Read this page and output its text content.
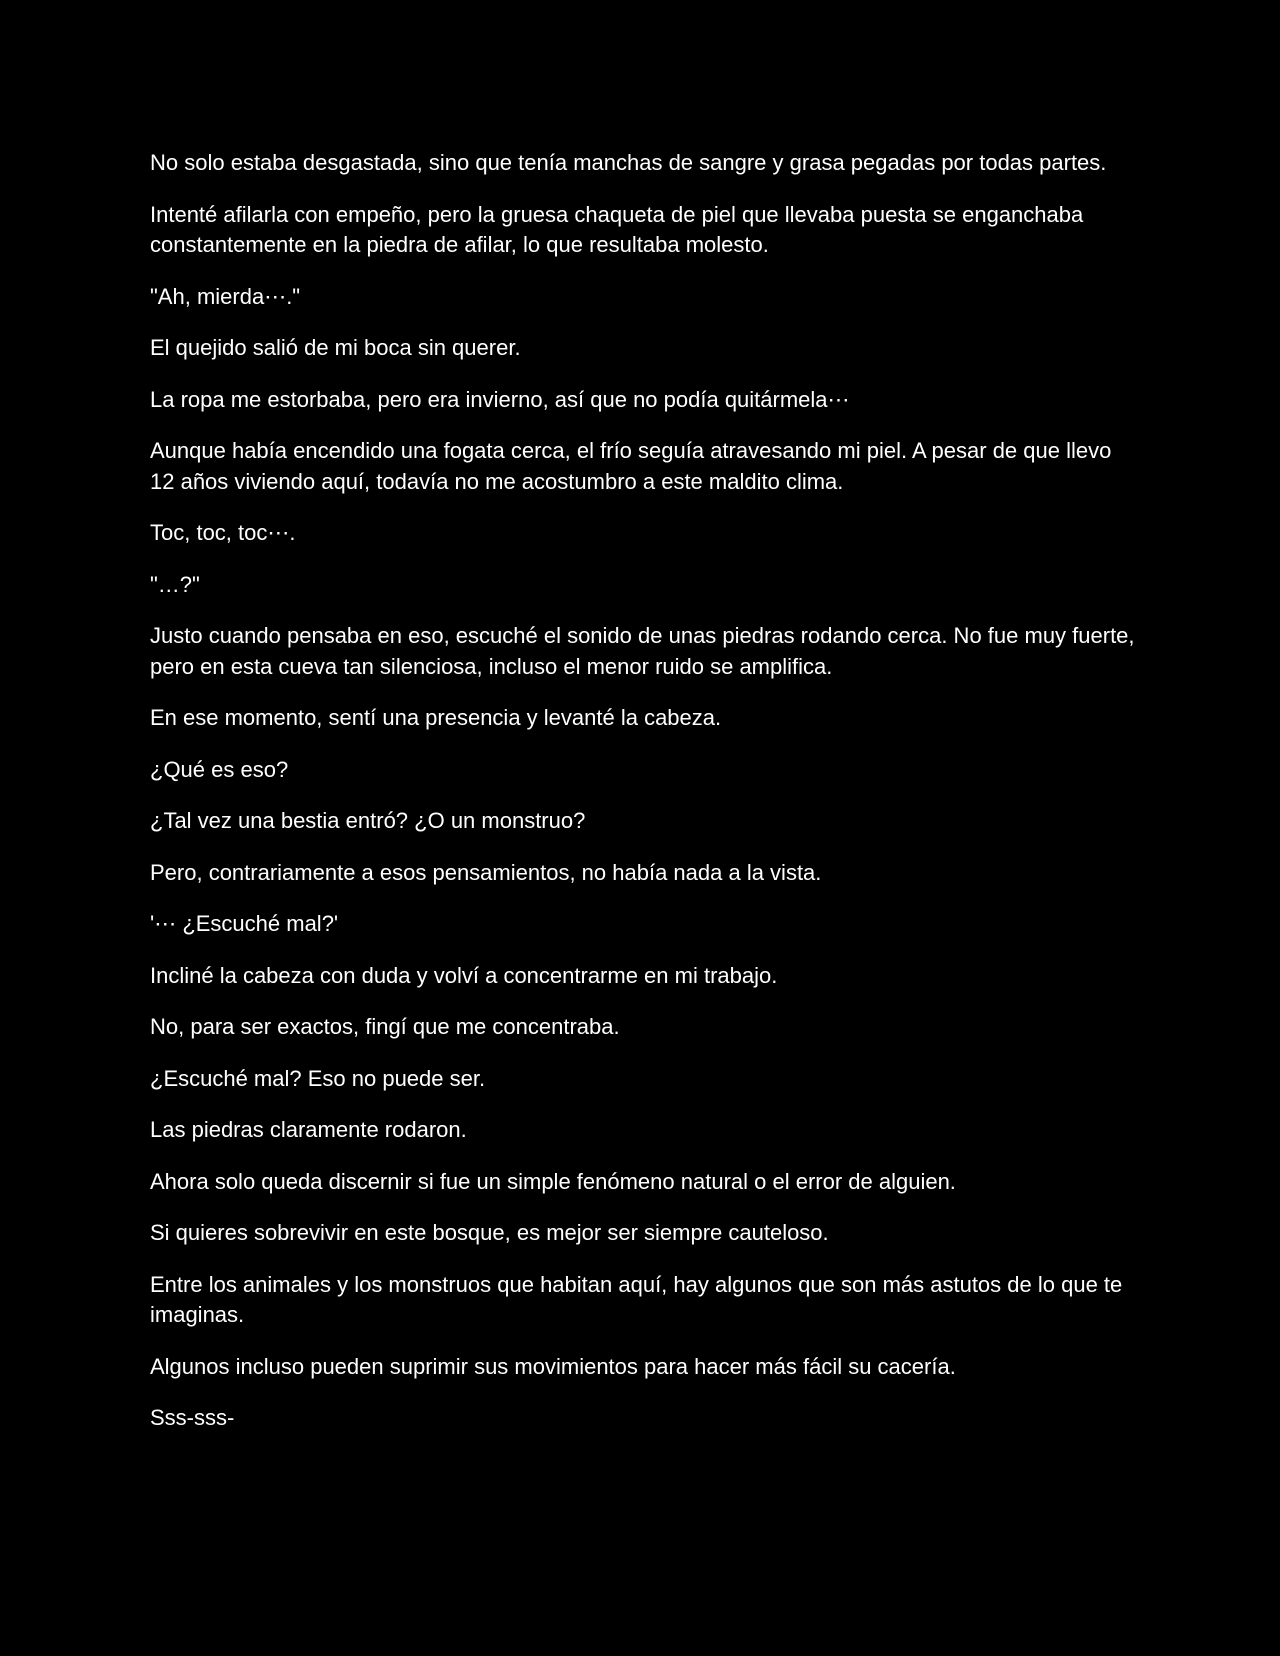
No solo estaba desgastada, sino que tenía manchas de sangre y grasa pegadas por todas partes.

Intenté afilarla con empeño, pero la gruesa chaqueta de piel que llevaba puesta se enganchaba constantemente en la piedra de afilar, lo que resultaba molesto.

"Ah, mierda⋯."

El quejido salió de mi boca sin querer.

La ropa me estorbaba, pero era invierno, así que no podía quitármela⋯

Aunque había encendido una fogata cerca, el frío seguía atravesando mi piel. A pesar de que llevo 12 años viviendo aquí, todavía no me acostumbro a este maldito clima.

Toc, toc, toc⋯.

"…?"

Justo cuando pensaba en eso, escuché el sonido de unas piedras rodando cerca. No fue muy fuerte, pero en esta cueva tan silenciosa, incluso el menor ruido se amplifica.

En ese momento, sentí una presencia y levanté la cabeza.

¿Qué es eso?

¿Tal vez una bestia entró? ¿O un monstruo?

Pero, contrariamente a esos pensamientos, no había nada a la vista.

'⋯ ¿Escuché mal?'

Incliné la cabeza con duda y volví a concentrarme en mi trabajo.

No, para ser exactos, fingí que me concentraba.

¿Escuché mal? Eso no puede ser.

Las piedras claramente rodaron.

Ahora solo queda discernir si fue un simple fenómeno natural o el error de alguien.

Si quieres sobrevivir en este bosque, es mejor ser siempre cauteloso.

Entre los animales y los monstruos que habitan aquí, hay algunos que son más astutos de lo que te imaginas.

Algunos incluso pueden suprimir sus movimientos para hacer más fácil su cacería.

Sss-sss-
